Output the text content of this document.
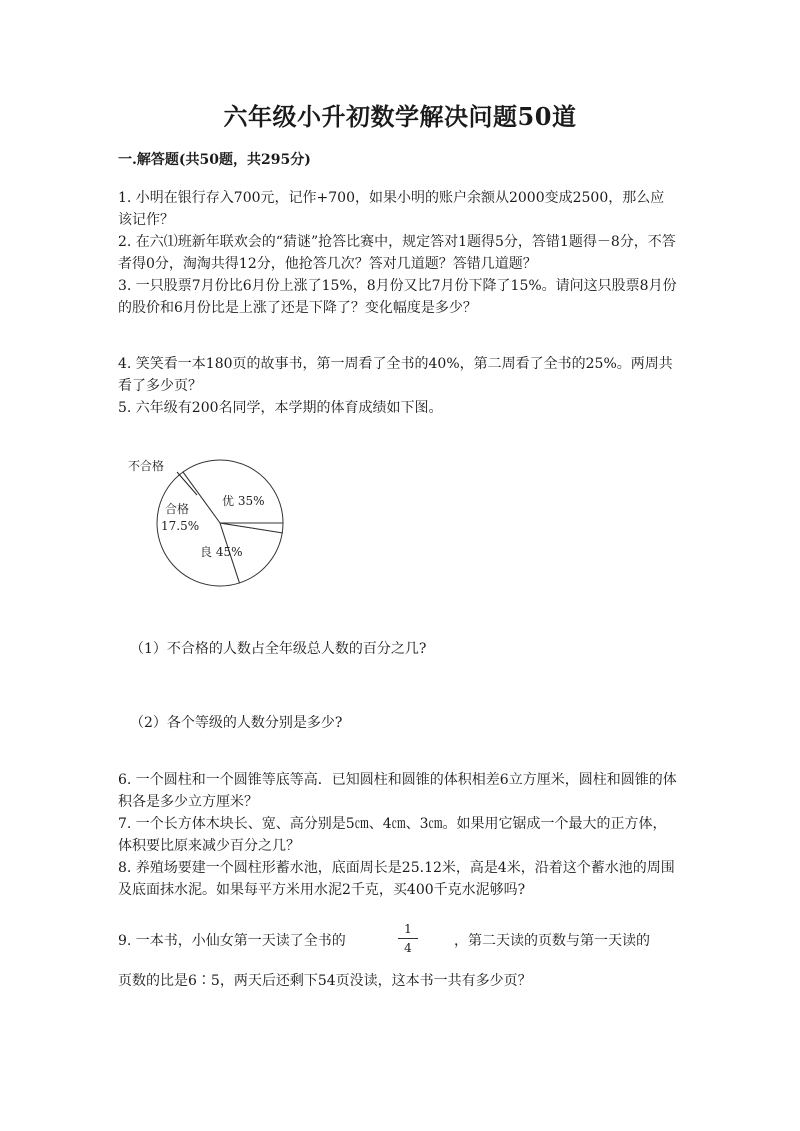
六年级小升初数学解决问题50道
一.解答题(共50题，共295分)

1. 小明在银行存入700元，记作+700，如果小明的账户余额从2000变成2500，那么应该记作？

2. 在六⑴班新年联欢会的“猜谜”抢答比赛中，规定答对1题得5分，答错1题得－8分，不答者得0分，淘淘共得12分，他抢答几次？答对几道题？答错几道题？

3. 一只股票7月份比6月份上涨了15%，8月份又比7月份下降了15%。请问这只股票8月份的股价和6月份比是上涨了还是下降了？变化幅度是多少？

4. 笑笑看一本180页的故事书，第一周看了全书的40%，第二周看了全书的25%。两周共看了多少页？

5. 六年级有200名同学，本学期的体育成绩如下图。

不合格
合格
17.5%
优 35%
良 45%
（1）不合格的人数占全年级总人数的百分之几?
（2）各个等级的人数分别是多少?

6. 一个圆柱和一个圆锥等底等高．已知圆柱和圆锥的体积相差6立方厘米，圆柱和圆锥的体积各是多少立方厘米？

7. 一个长方体木块长、宽、高分别是5㎝、4㎝、3㎝。如果用它锯成一个最大的正方体，体积要比原来减少百分之几？

8. 养殖场要建一个圆柱形蓄水池，底面周长是25.12米，高是4米，沿着这个蓄水池的周围及底面抹水泥。如果每平方米用水泥2千克，买400千克水泥够吗?

9. 一本书，小仙女第一天读了全书的	，第二天读的页数与第一天读的
1
4
页数的比是6∶5，两天后还剩下54页没读，这本书一共有多少页？
